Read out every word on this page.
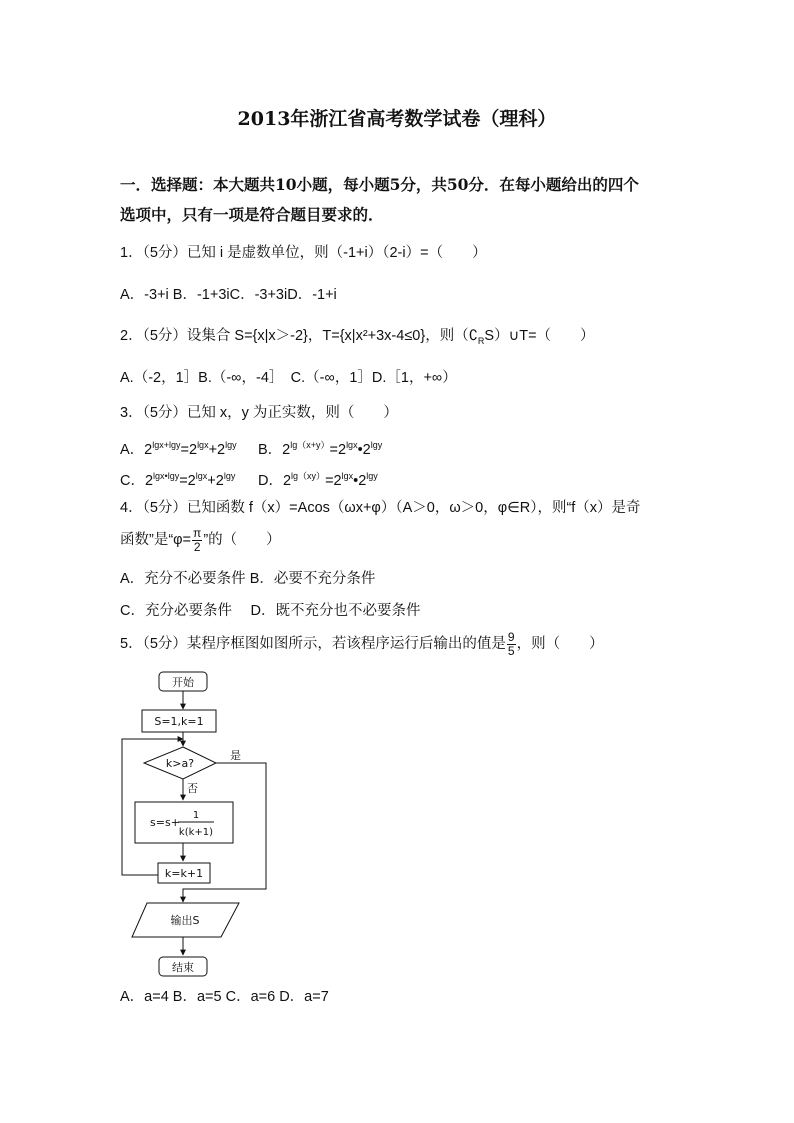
2013年浙江省高考数学试卷（理科）
一．选择题：本大题共10小题，每小题5分，共50分．在每小题给出的四个
选项中，只有一项是符合题目要求的．
1．（5分）已知 i 是虚数单位，则（-1+i）（2-i）=（　　）
A．-3+i B．-1+3iC．-3+3iD．-1+i
2．（5分）设集合 S={x|x＞-2}，T={x|x²+3x-4≤0}，则$(∁_RS)\cup T=$（　　）
A.（-2，1］B.（-∞，-4］　C.（-∞，1］D.［1，+∞）
3．（5分）已知 x，y 为正实数，则（　　）
A．$2^{lgx+lgy}=2^{lgx}+2^{lgy}$ B．$2^{lg(x+y)}=2^{lgx}•2^{lgy}$
C．$2^{lgx•lgy}=2^{lgx}+2^{lgy}$ D．$2^{lg(xy)}=2^{lgx}•2^{lgy}$
4．（5分）已知函数 f（x）=Acos（ωx+φ）（A＞0，ω＞0，φ∈R），则“f（x）是奇
函数”是“$\varphi= \frac{\pi}{2}$ ”的（　　）
A．充分不必要条件 B．必要不充分条件
C．充分必要条件　 D．既不充分也不必要条件
5．（5分）某程序框图如图所示，若该程序运行后输出的值是 $\frac{9}{5}$ ，则（　　）
开始
S=1,k=1
k>a?
是
否
s=s+
1
k(k+1)
k=k+1
输出S
结束
A．a=4 B．a=5 C．a=6 D．a=7
